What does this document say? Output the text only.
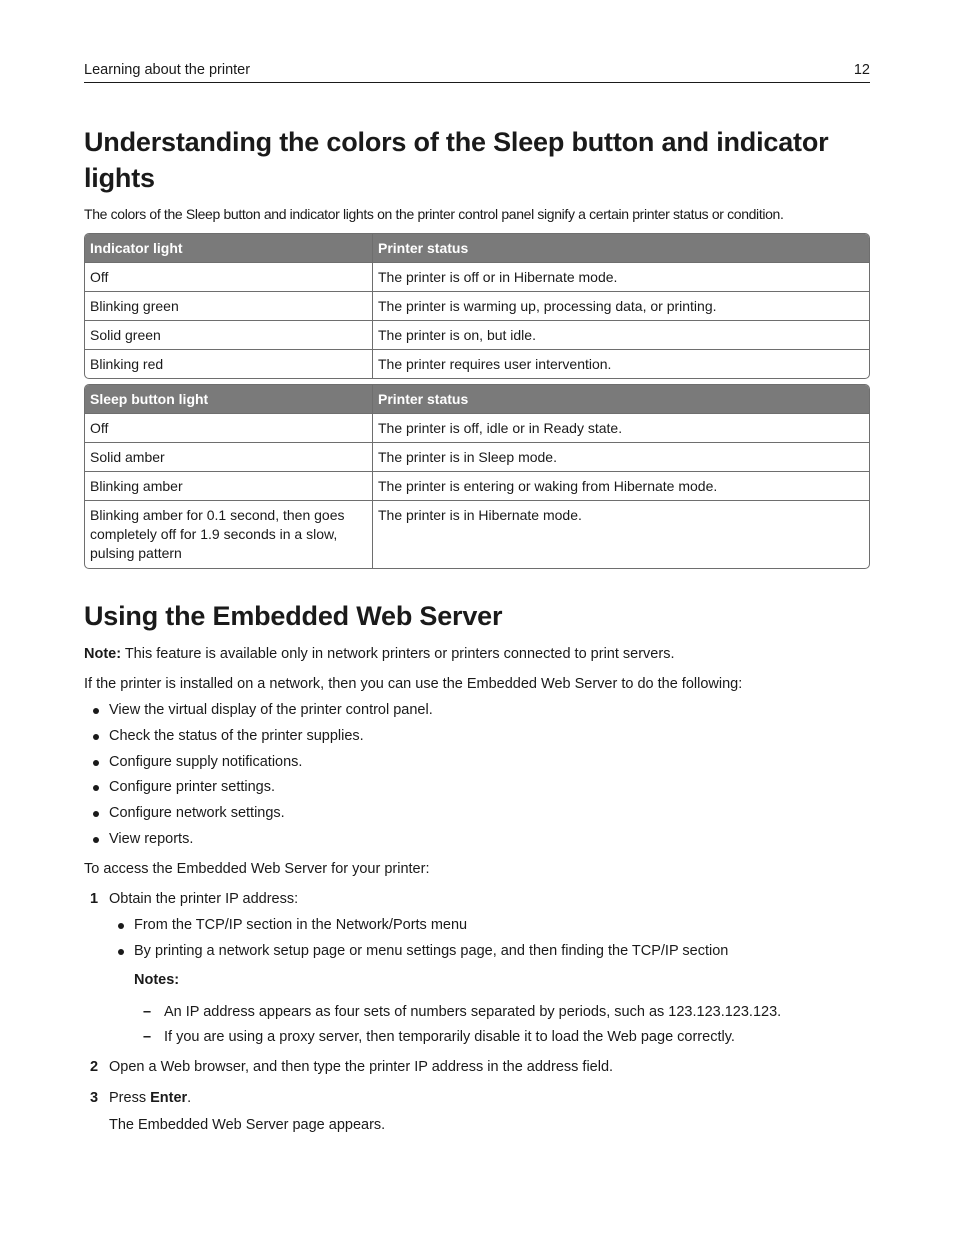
Learning about the printer	12
Understanding the colors of the Sleep button and indicator lights

The colors of the Sleep button and indicator lights on the printer control panel signify a certain printer status or condition.

Indicator light	Printer status
Off	The printer is off or in Hibernate mode.
Blinking green	The printer is warming up, processing data, or printing.
Solid green	The printer is on, but idle.
Blinking red	The printer requires user intervention.
Sleep button light	Printer status
Off	The printer is off, idle or in Ready state.
Solid amber	The printer is in Sleep mode.
Blinking amber	The printer is entering or waking from Hibernate mode.
Blinking amber for 0.1 second, then goes completely off for 1.9 seconds in a slow, pulsing pattern	The printer is in Hibernate mode.
Using the Embedded Web Server

Note: This feature is available only in network printers or printers connected to print servers.

If the printer is installed on a network, then you can use the Embedded Web Server to do the following:

View the virtual display of the printer control panel.
Check the status of the printer supplies.
Configure supply notifications.
Configure printer settings.
Configure network settings.
View reports.

To access the Embedded Web Server for your printer:

1 Obtain the printer IP address:
From the TCP/IP section in the Network/Ports menu
By printing a network setup page or menu settings page, and then finding the TCP/IP section
Notes:
– An IP address appears as four sets of numbers separated by periods, such as 123.123.123.123.
– If you are using a proxy server, then temporarily disable it to load the Web page correctly.
2 Open a Web browser, and then type the printer IP address in the address field.
3 Press Enter.
The Embedded Web Server page appears.
